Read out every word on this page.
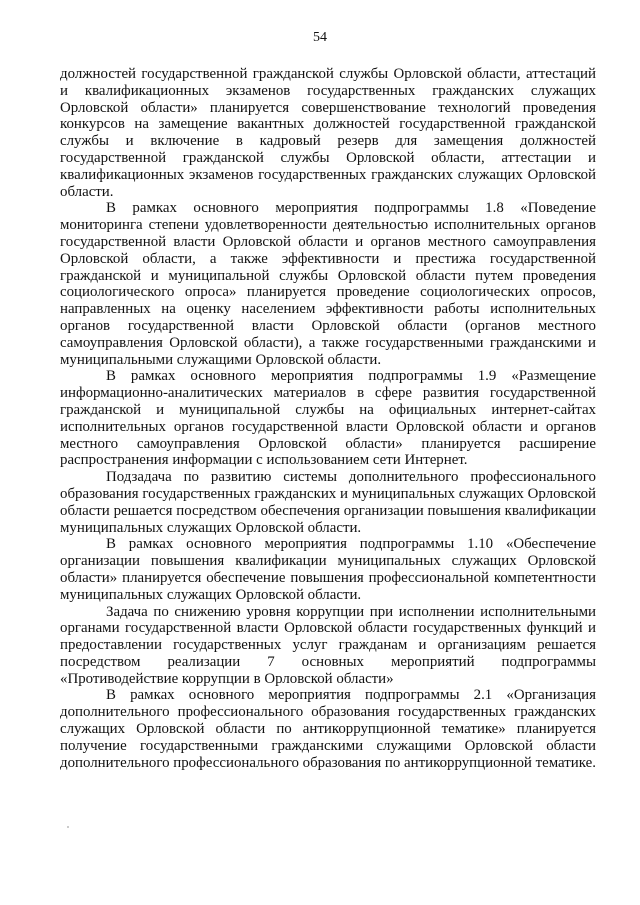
54

должностей государственной гражданской службы Орловской области, аттестаций и квалификационных экзаменов государственных гражданских служащих Орловской области» планируется совершенствование технологий проведения конкурсов на замещение вакантных должностей государственной гражданской службы и включение в кадровый резерв для замещения должностей государственной гражданской службы Орловской области, аттестации и квалификационных экзаменов государственных гражданских служащих Орловской области.

В рамках основного мероприятия подпрограммы 1.8 «Поведение мониторинга степени удовлетворенности деятельностью исполнительных органов государственной власти Орловской области и органов местного самоуправления Орловской области, а также эффективности и престижа государственной гражданской и муниципальной службы Орловской области путем проведения социологического опроса» планируется проведение социологических опросов, направленных на оценку населением эффективности работы исполнительных органов государственной власти Орловской области (органов местного самоуправления Орловской области), а также государственными гражданскими и муниципальными служащими Орловской области.

В рамках основного мероприятия подпрограммы 1.9 «Размещение информационно-аналитических материалов в сфере развития государственной гражданской и муниципальной службы на официальных интернет-сайтах исполнительных органов государственной власти Орловской области и органов местного самоуправления Орловской области» планируется расширение распространения информации с использованием сети Интернет.

Подзадача по развитию системы дополнительного профессионального образования государственных гражданских и муниципальных служащих Орловской области решается посредством обеспечения организации повышения квалификации муниципальных служащих Орловской области.

В рамках основного мероприятия подпрограммы 1.10 «Обеспечение организации повышения квалификации муниципальных служащих Орловской области» планируется обеспечение повышения профессиональной компетентности муниципальных служащих Орловской области.

Задача по снижению уровня коррупции при исполнении исполнительными органами государственной власти Орловской области государственных функций и предоставлении государственных услуг гражданам и организациям решается посредством реализации 7 основных мероприятий подпрограммы «Противодействие коррупции в Орловской области»

В рамках основного мероприятия подпрограммы 2.1 «Организация дополнительного профессионального образования государственных гражданских служащих Орловской области по антикоррупционной тематике» планируется получение государственными гражданскими служащими Орловской области дополнительного профессионального образования по антикоррупционной тематике.
